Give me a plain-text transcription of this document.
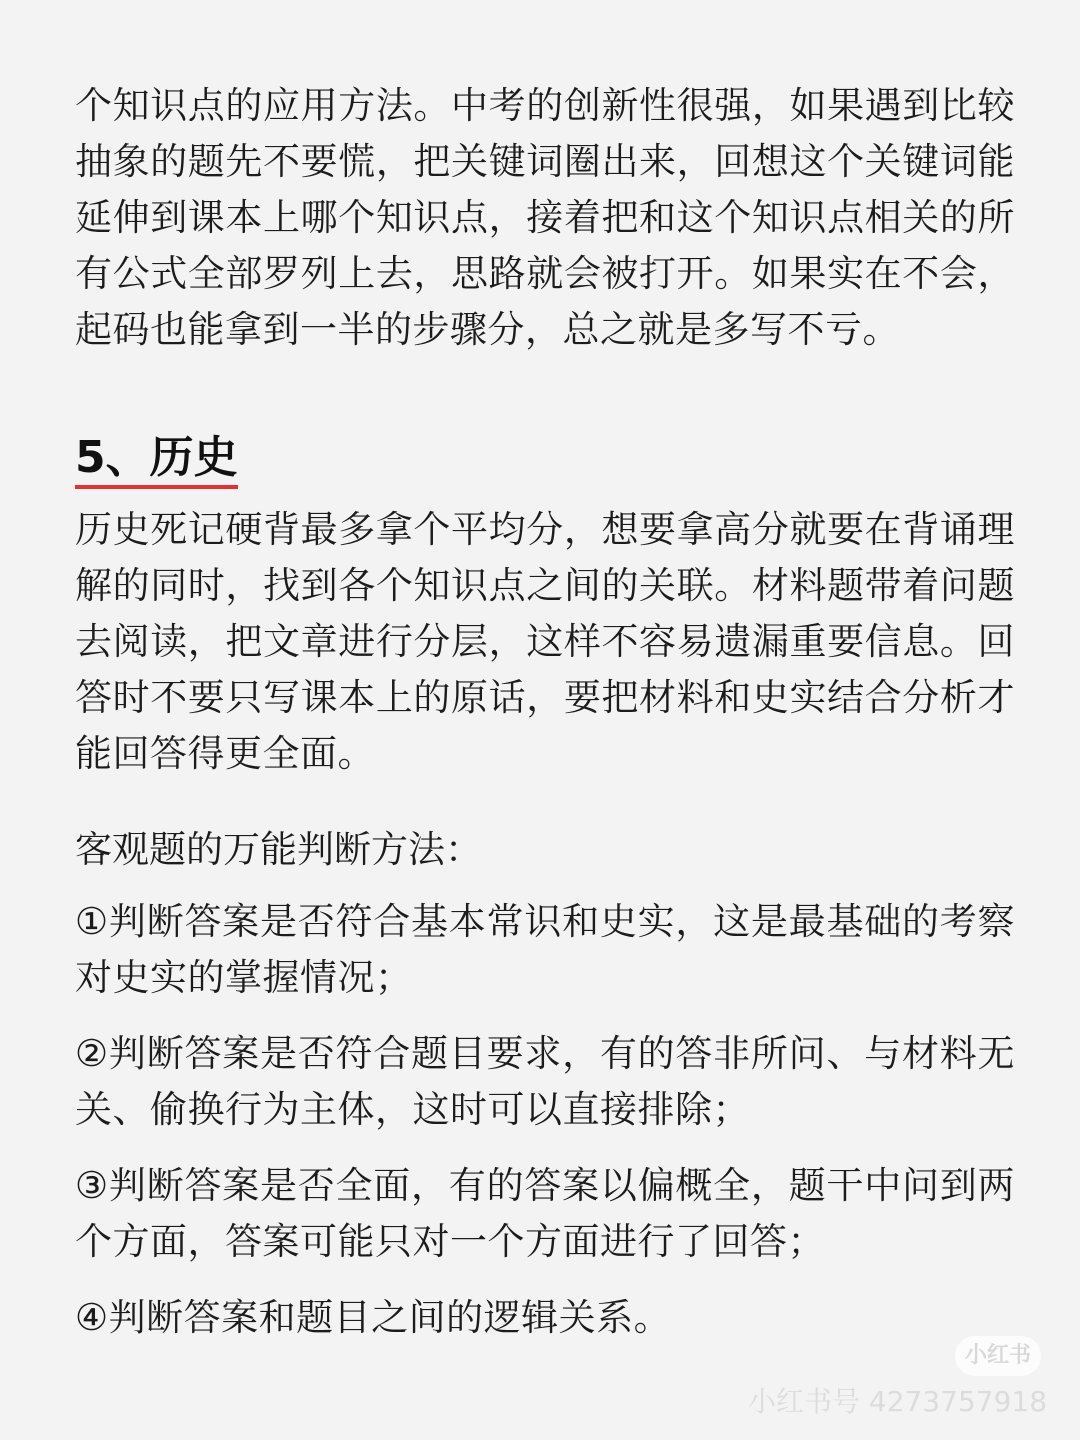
个知识点的应用方法。中考的创新性很强，如果遇到比较抽象的题先不要慌，把关键词圈出来，回想这个关键词能延伸到课本上哪个知识点，接着把和这个知识点相关的所有公式全部罗列上去，思路就会被打开。如果实在不会，起码也能拿到一半的步骤分，总之就是多写不亏。

5、历史

历史死记硬背最多拿个平均分，想要拿高分就要在背诵理解的同时，找到各个知识点之间的关联。材料题带着问题去阅读，把文章进行分层，这样不容易遗漏重要信息。回答时不要只写课本上的原话，要把材料和史实结合分析才能回答得更全面。

客观题的万能判断方法：

①判断答案是否符合基本常识和史实，这是最基础的考察对史实的掌握情况；
②判断答案是否符合题目要求，有的答非所问、与材料无关、偷换行为主体，这时可以直接排除；
③判断答案是否全面，有的答案以偏概全，题干中问到两个方面，答案可能只对一个方面进行了回答；
④判断答案和题目之间的逻辑关系。
小红书
小红书号 4273757918
